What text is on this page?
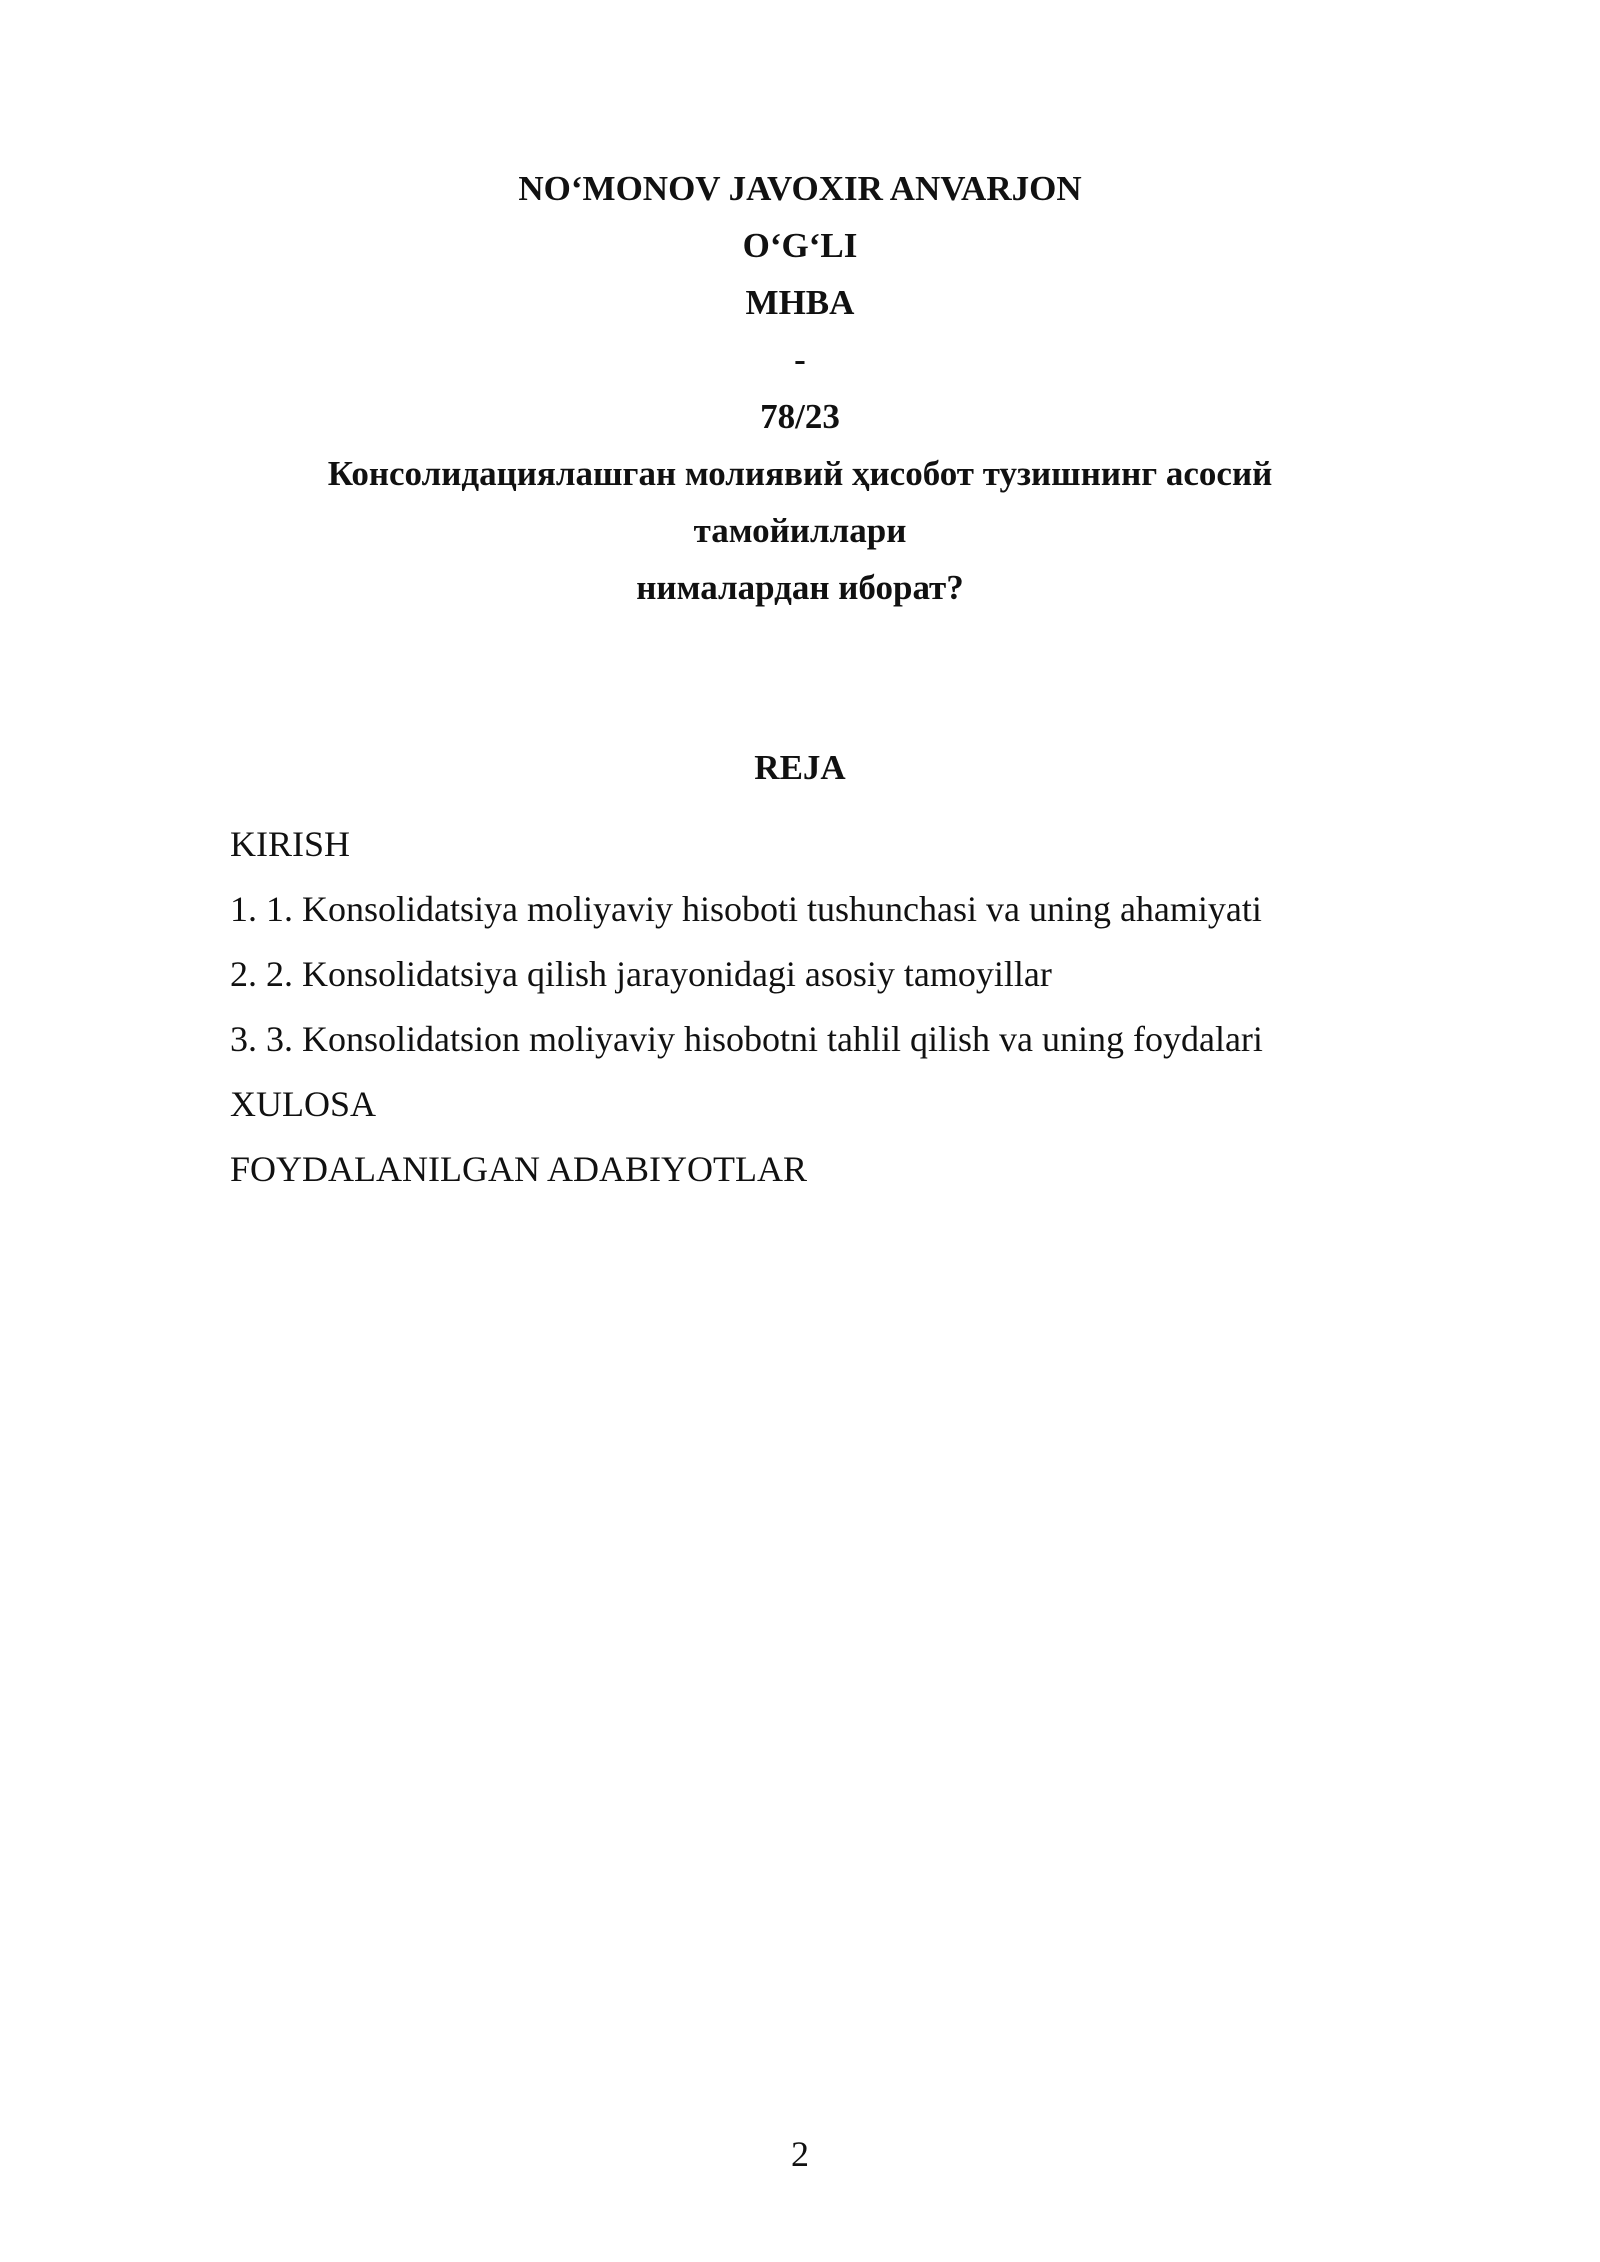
NO‘MONOV JAVOXIR ANVARJON

O‘G‘LI

MHBA

-

78/23

Консолидациялашган молиявий ҳисобот тузишнинг асосий

тамойиллари

нималардан иборат?

REJA
KIRISH
1. 1. Konsolidatsiya moliyaviy hisoboti tushunchasi va uning ahamiyati
2. 2. Konsolidatsiya qilish jarayonidagi asosiy tamoyillar
3. 3. Konsolidatsion moliyaviy hisobotni tahlil qilish va uning foydalari
XULOSA
FOYDALANILGAN ADABIYOTLAR
2
